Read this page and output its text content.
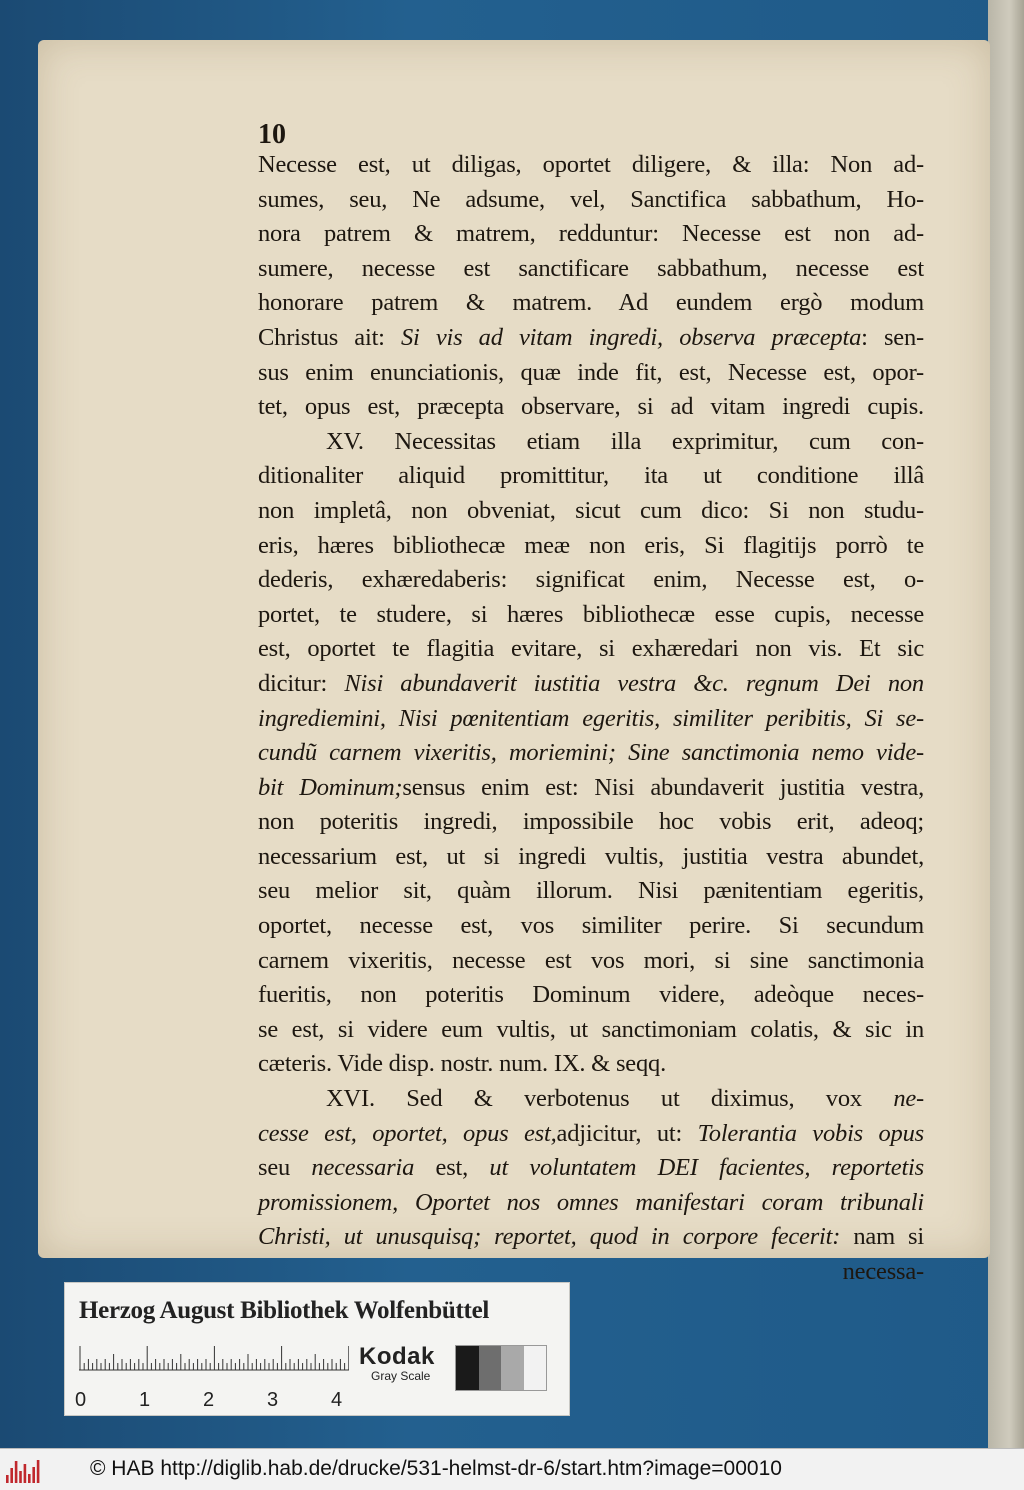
10
Necesse est, ut diligas, oportet diligere, & illa: Non ad-
sumes, seu, Ne adsume, vel, Sanctifica sabbathum, Ho-
nora patrem & matrem, redduntur: Necesse est non ad-
sumere, necesse est sanctificare sabbathum, necesse est
honorare patrem & matrem. Ad eundem ergò modum
Christus ait: Si vis ad vitam ingredi, observa præcepta: sen-
sus enim enunciationis, quæ inde fit, est, Necesse est, opor-
tet, opus est, præcepta observare, si ad vitam ingredi cupis.
XV. Necessitas etiam illa exprimitur, cum con-
ditionaliter aliquid promittitur, ita ut conditione illâ
non impletâ, non obveniat, sicut cum dico: Si non studu-
eris, hæres bibliothecæ meæ non eris, Si flagitijs porrò te
dederis, exhæredaberis: significat enim, Necesse est, o-
portet, te studere, si hæres bibliothecæ esse cupis, necesse
est, oportet te flagitia evitare, si exhæredari non vis. Et sic
dicitur: Nisi abundaverit iustitia vestra &c. regnum Dei non
ingrediemini, Nisi pœnitentiam egeritis, similiter peribitis, Si se-
cundũ carnem vixeritis, moriemini; Sine sanctimonia nemo vide-
bit Dominum;sensus enim est: Nisi abundaverit justitia vestra,
non poteritis ingredi, impossibile hoc vobis erit, adeoq;
necessarium est, ut si ingredi vultis, justitia vestra abundet,
seu melior sit, quàm illorum. Nisi pænitentiam egeritis,
oportet, necesse est, vos similiter perire. Si secundum
carnem vixeritis, necesse est vos mori, si sine sanctimonia
fueritis, non poteritis Dominum videre, adeòque neces-
se est, si videre eum vultis, ut sanctimoniam colatis, & sic in
cæteris. Vide disp. nostr. num. IX. & seqq.
XVI. Sed & verbotenus ut diximus, vox ne-
cesse est, oportet, opus est,adjicitur, ut: Tolerantia vobis opus
seu necessaria est, ut voluntatem DEI facientes, reportetis
promissionem, Oportet nos omnes manifestari coram tribunali
Christi, ut unusquisq; reportet, quod in corpore fecerit: nam si
necessa-
Herzog August Bibliothek Wolfenbüttel
0	1	2	3	4
Kodak
Gray Scale
© HAB http://diglib.hab.de/drucke/531-helmst-dr-6/start.htm?image=00010
